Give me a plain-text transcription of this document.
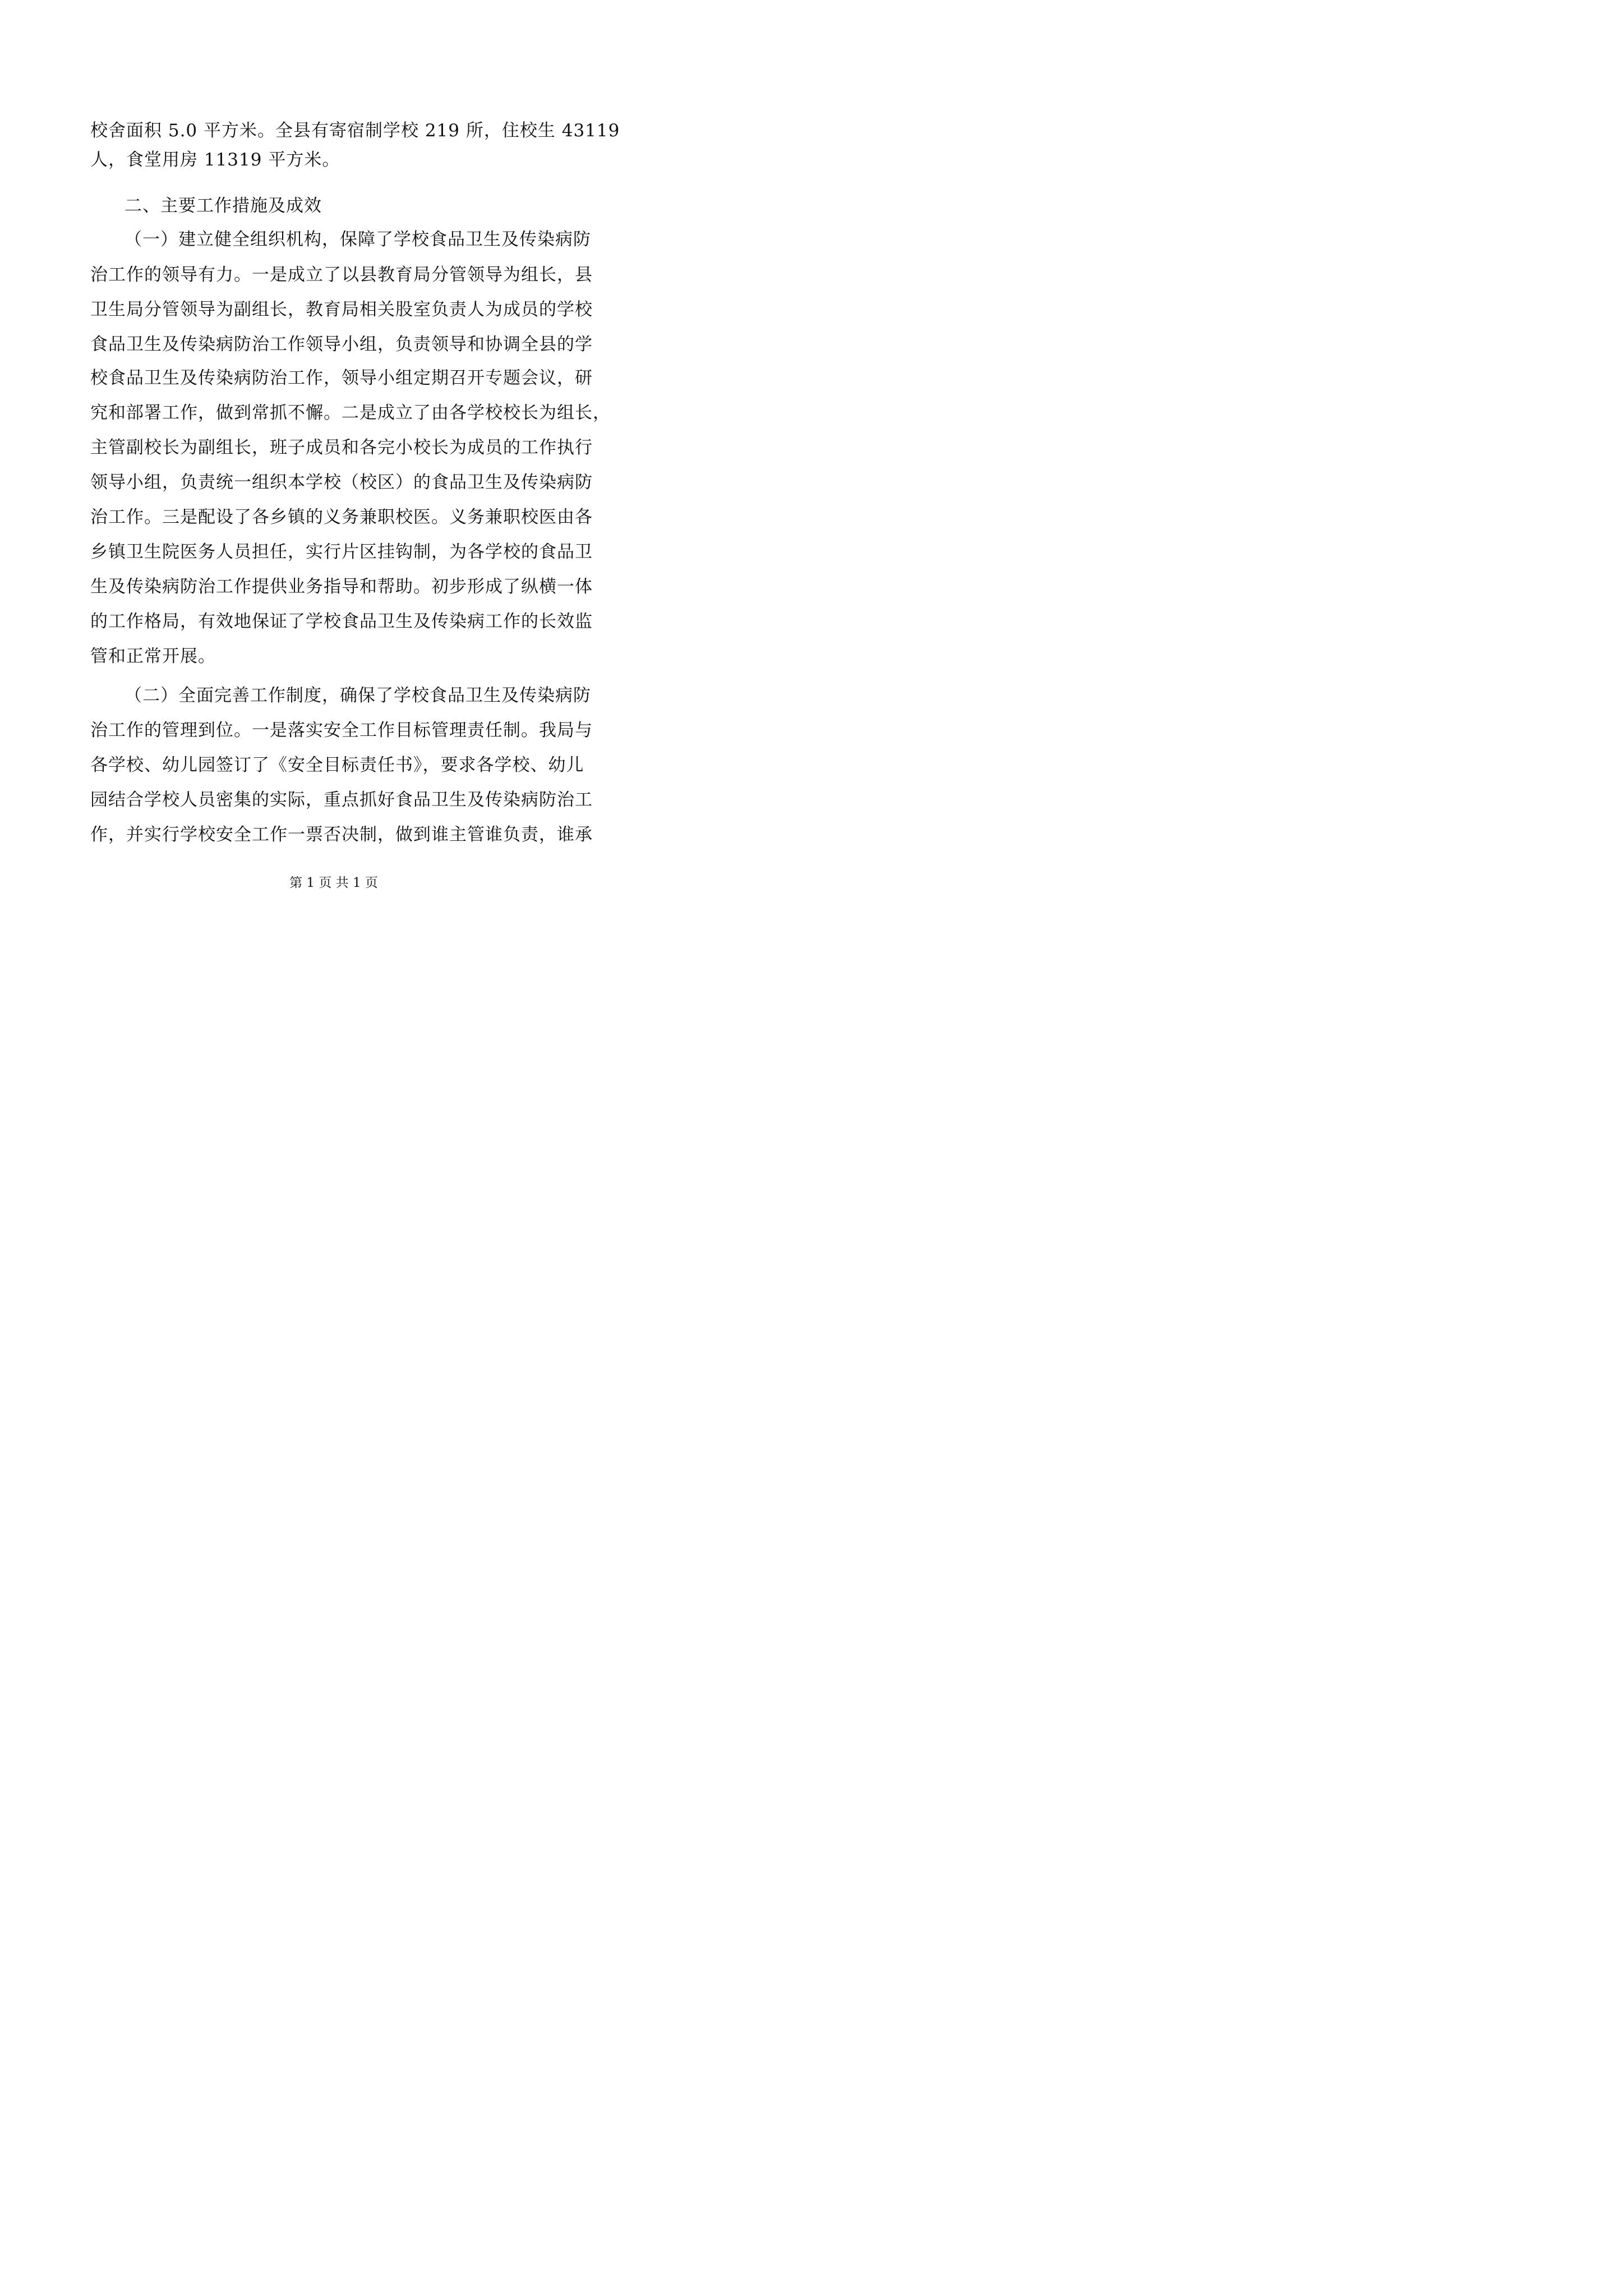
校舍面积 5.0 平方米。全县有寄宿制学校 219 所，住校生 43119
人，食堂用房 11319 平方米。
二、主要工作措施及成效
（一）建立健全组织机构，保障了学校食品卫生及传染病防
治工作的领导有力。一是成立了以县教育局分管领导为组长，县
卫生局分管领导为副组长，教育局相关股室负责人为成员的学校
食品卫生及传染病防治工作领导小组，负责领导和协调全县的学
校食品卫生及传染病防治工作，领导小组定期召开专题会议，研
究和部署工作，做到常抓不懈。二是成立了由各学校校长为组长，
主管副校长为副组长，班子成员和各完小校长为成员的工作执行
领导小组，负责统一组织本学校（校区）的食品卫生及传染病防
治工作。三是配设了各乡镇的义务兼职校医。义务兼职校医由各
乡镇卫生院医务人员担任，实行片区挂钩制，为各学校的食品卫
生及传染病防治工作提供业务指导和帮助。初步形成了纵横一体
的工作格局，有效地保证了学校食品卫生及传染病工作的长效监
管和正常开展。
（二）全面完善工作制度，确保了学校食品卫生及传染病防
治工作的管理到位。一是落实安全工作目标管理责任制。我局与
各学校、幼儿园签订了《安全目标责任书》，要求各学校、幼儿
园结合学校人员密集的实际，重点抓好食品卫生及传染病防治工
作，并实行学校安全工作一票否决制，做到谁主管谁负责，谁承
第 1 页 共 1 页
